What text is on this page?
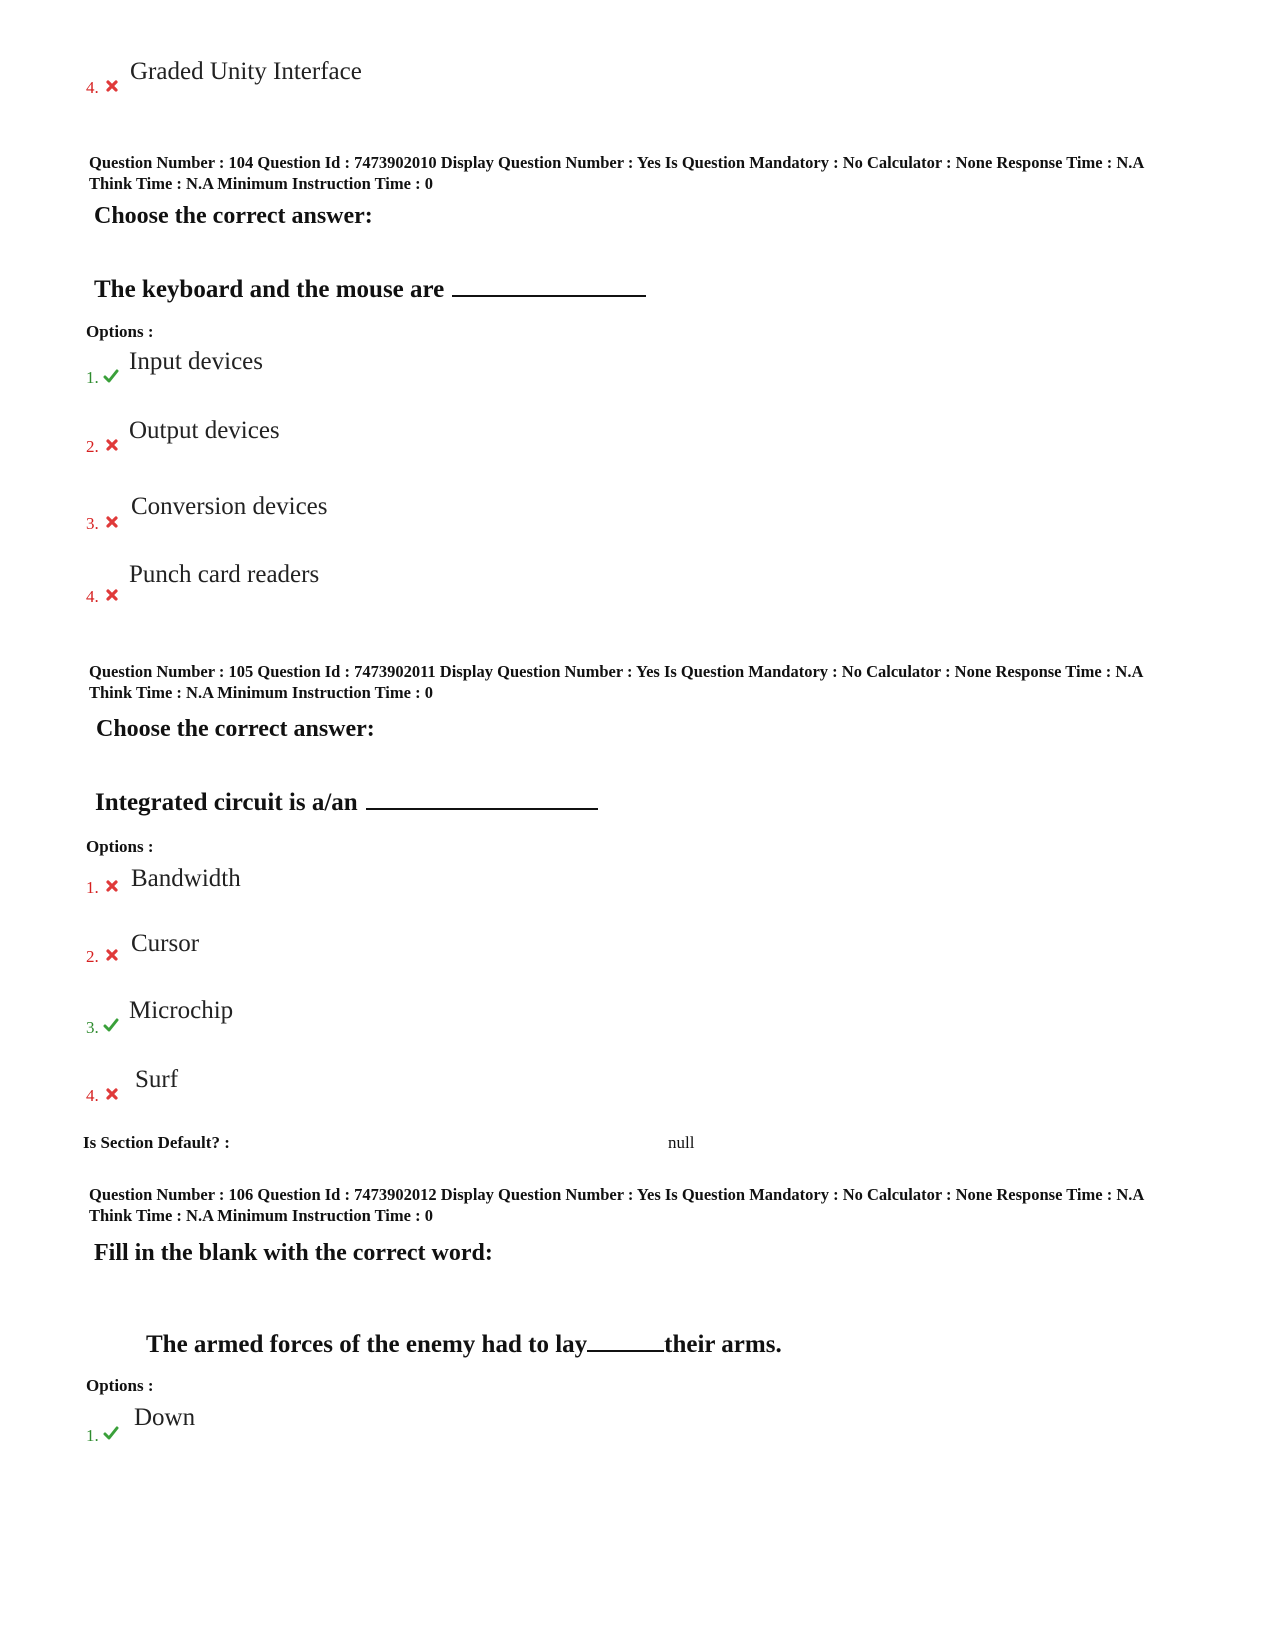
4.
Graded Unity Interface
Question Number : 104 Question Id : 7473902010 Display Question Number : Yes Is Question Mandatory : No Calculator : None Response Time : N.A Think Time : N.A Minimum Instruction Time : 0
Choose the correct answer:
The keyboard and the mouse are
Options :
1.
Input devices
2.
Output devices
3.
Conversion devices
4.
Punch card readers
Question Number : 105 Question Id : 7473902011 Display Question Number : Yes Is Question Mandatory : No Calculator : None Response Time : N.A Think Time : N.A Minimum Instruction Time : 0
Choose the correct answer:
Integrated circuit is a/an
Options :
1. Bandwidth
2. Cursor
3.
Microchip
4.
Surf
Is Section Default? :	null
Question Number : 106 Question Id : 7473902012 Display Question Number : Yes Is Question Mandatory : No Calculator : None Response Time : N.A Think Time : N.A Minimum Instruction Time : 0
Fill in the blank with the correct word:
The armed forces of the enemy had to lay	their arms.
Options :
1.
Down
